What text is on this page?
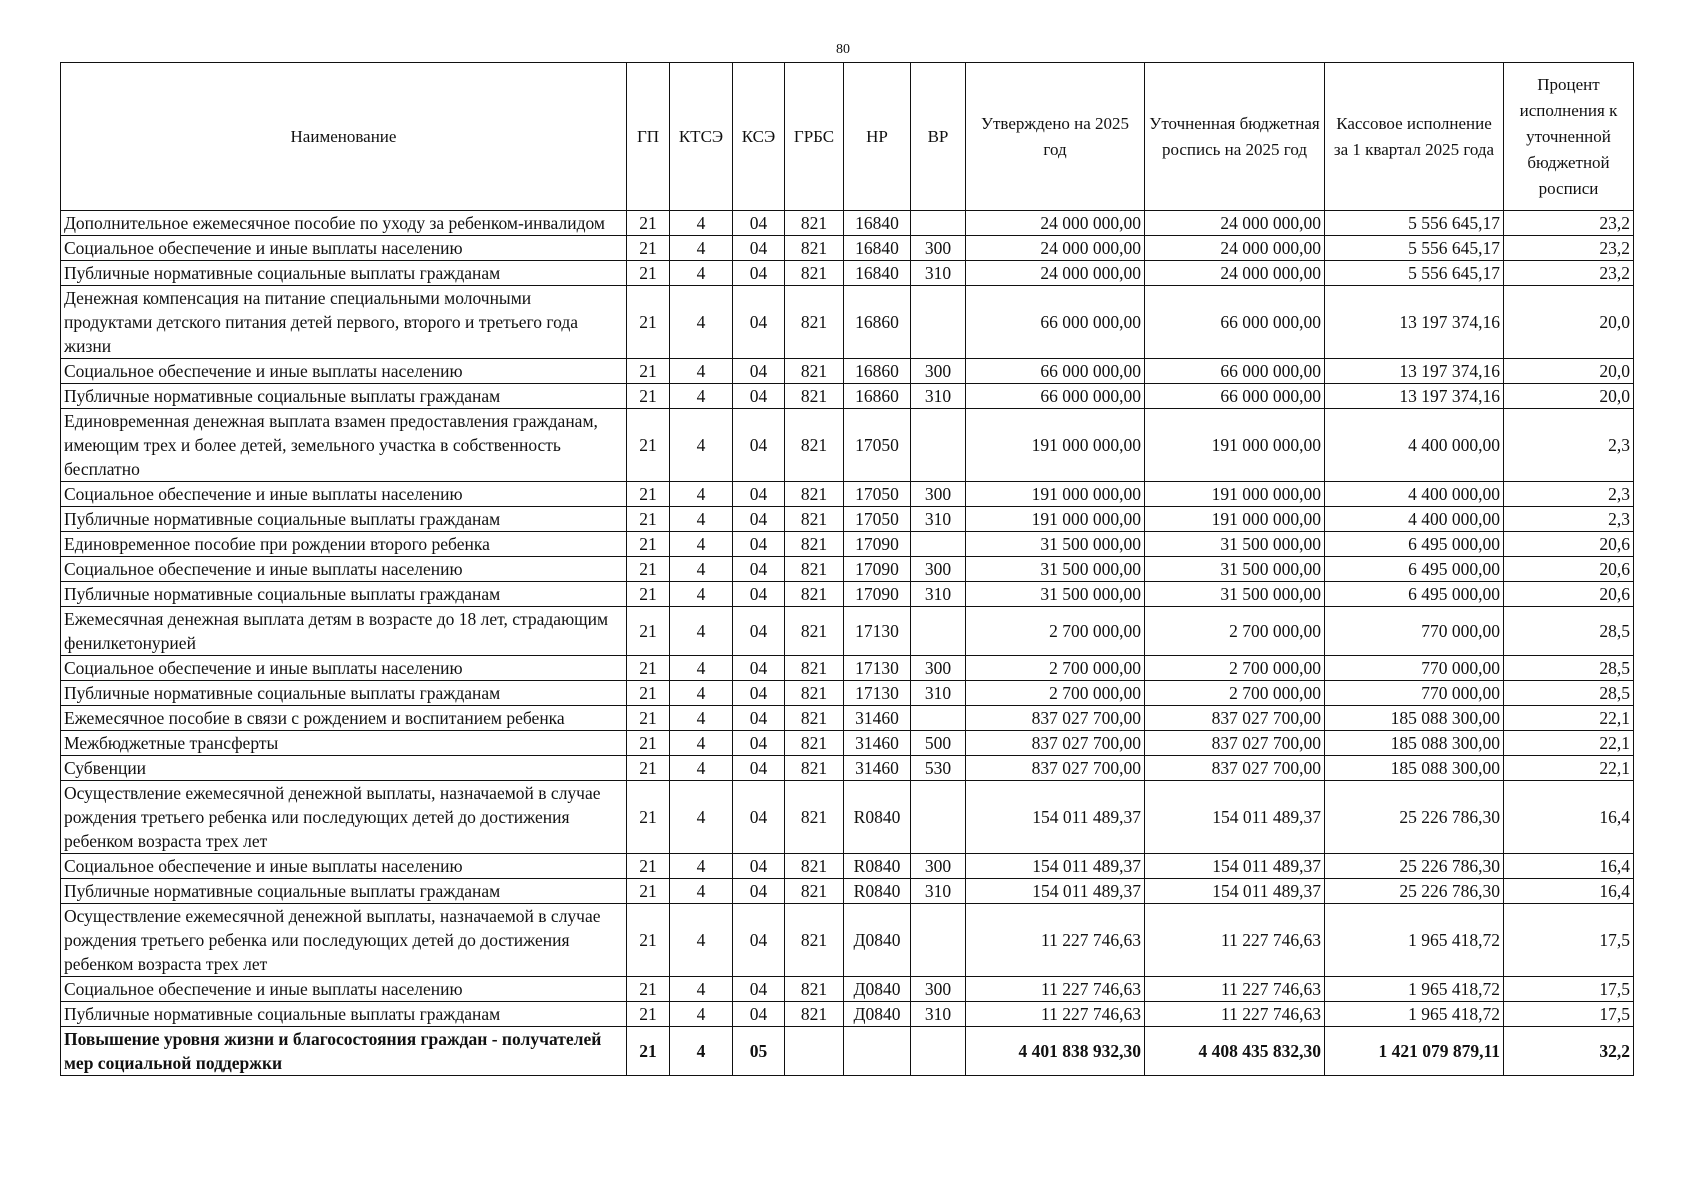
80
Наименование	ГП	КТСЭ	КСЭ	ГРБС	НР	ВР	Утверждено на 2025 год	Уточненная бюджетная роспись на 2025 год	Кассовое исполнение за 1 квартал 2025 года	Процент исполнения к уточненной бюджетной росписи
Дополнительное ежемесячное пособие по уходу за ребенком-инвалидом	21	4	04	821	16840		24 000 000,00	24 000 000,00	5 556 645,17	23,2
Социальное обеспечение и иные выплаты населению	21	4	04	821	16840	300	24 000 000,00	24 000 000,00	5 556 645,17	23,2
Публичные нормативные социальные выплаты гражданам	21	4	04	821	16840	310	24 000 000,00	24 000 000,00	5 556 645,17	23,2
Денежная компенсация на питание специальными молочными продуктами детского питания детей первого, второго и третьего года жизни	21	4	04	821	16860		66 000 000,00	66 000 000,00	13 197 374,16	20,0
Социальное обеспечение и иные выплаты населению	21	4	04	821	16860	300	66 000 000,00	66 000 000,00	13 197 374,16	20,0
Публичные нормативные социальные выплаты гражданам	21	4	04	821	16860	310	66 000 000,00	66 000 000,00	13 197 374,16	20,0
Единовременная денежная выплата взамен предоставления гражданам, имеющим трех и более детей, земельного участка в собственность бесплатно	21	4	04	821	17050		191 000 000,00	191 000 000,00	4 400 000,00	2,3
Социальное обеспечение и иные выплаты населению	21	4	04	821	17050	300	191 000 000,00	191 000 000,00	4 400 000,00	2,3
Публичные нормативные социальные выплаты гражданам	21	4	04	821	17050	310	191 000 000,00	191 000 000,00	4 400 000,00	2,3
Единовременное пособие при рождении второго ребенка	21	4	04	821	17090		31 500 000,00	31 500 000,00	6 495 000,00	20,6
Социальное обеспечение и иные выплаты населению	21	4	04	821	17090	300	31 500 000,00	31 500 000,00	6 495 000,00	20,6
Публичные нормативные социальные выплаты гражданам	21	4	04	821	17090	310	31 500 000,00	31 500 000,00	6 495 000,00	20,6
Ежемесячная денежная выплата детям в возрасте до 18 лет, страдающим фенилкетонурией	21	4	04	821	17130		2 700 000,00	2 700 000,00	770 000,00	28,5
Социальное обеспечение и иные выплаты населению	21	4	04	821	17130	300	2 700 000,00	2 700 000,00	770 000,00	28,5
Публичные нормативные социальные выплаты гражданам	21	4	04	821	17130	310	2 700 000,00	2 700 000,00	770 000,00	28,5
Ежемесячное пособие в связи с рождением и воспитанием ребенка	21	4	04	821	31460		837 027 700,00	837 027 700,00	185 088 300,00	22,1
Межбюджетные трансферты	21	4	04	821	31460	500	837 027 700,00	837 027 700,00	185 088 300,00	22,1
Субвенции	21	4	04	821	31460	530	837 027 700,00	837 027 700,00	185 088 300,00	22,1
Осуществление ежемесячной денежной выплаты, назначаемой в случае рождения третьего ребенка или последующих детей до достижения ребенком возраста трех лет	21	4	04	821	R0840		154 011 489,37	154 011 489,37	25 226 786,30	16,4
Социальное обеспечение и иные выплаты населению	21	4	04	821	R0840	300	154 011 489,37	154 011 489,37	25 226 786,30	16,4
Публичные нормативные социальные выплаты гражданам	21	4	04	821	R0840	310	154 011 489,37	154 011 489,37	25 226 786,30	16,4
Осуществление ежемесячной денежной выплаты, назначаемой в случае рождения третьего ребенка или последующих детей до достижения ребенком возраста трех лет	21	4	04	821	Д0840		11 227 746,63	11 227 746,63	1 965 418,72	17,5
Социальное обеспечение и иные выплаты населению	21	4	04	821	Д0840	300	11 227 746,63	11 227 746,63	1 965 418,72	17,5
Публичные нормативные социальные выплаты гражданам	21	4	04	821	Д0840	310	11 227 746,63	11 227 746,63	1 965 418,72	17,5
Повышение уровня жизни и благосостояния граждан - получателей мер социальной поддержки	21	4	05				4 401 838 932,30	4 408 435 832,30	1 421 079 879,11	32,2
